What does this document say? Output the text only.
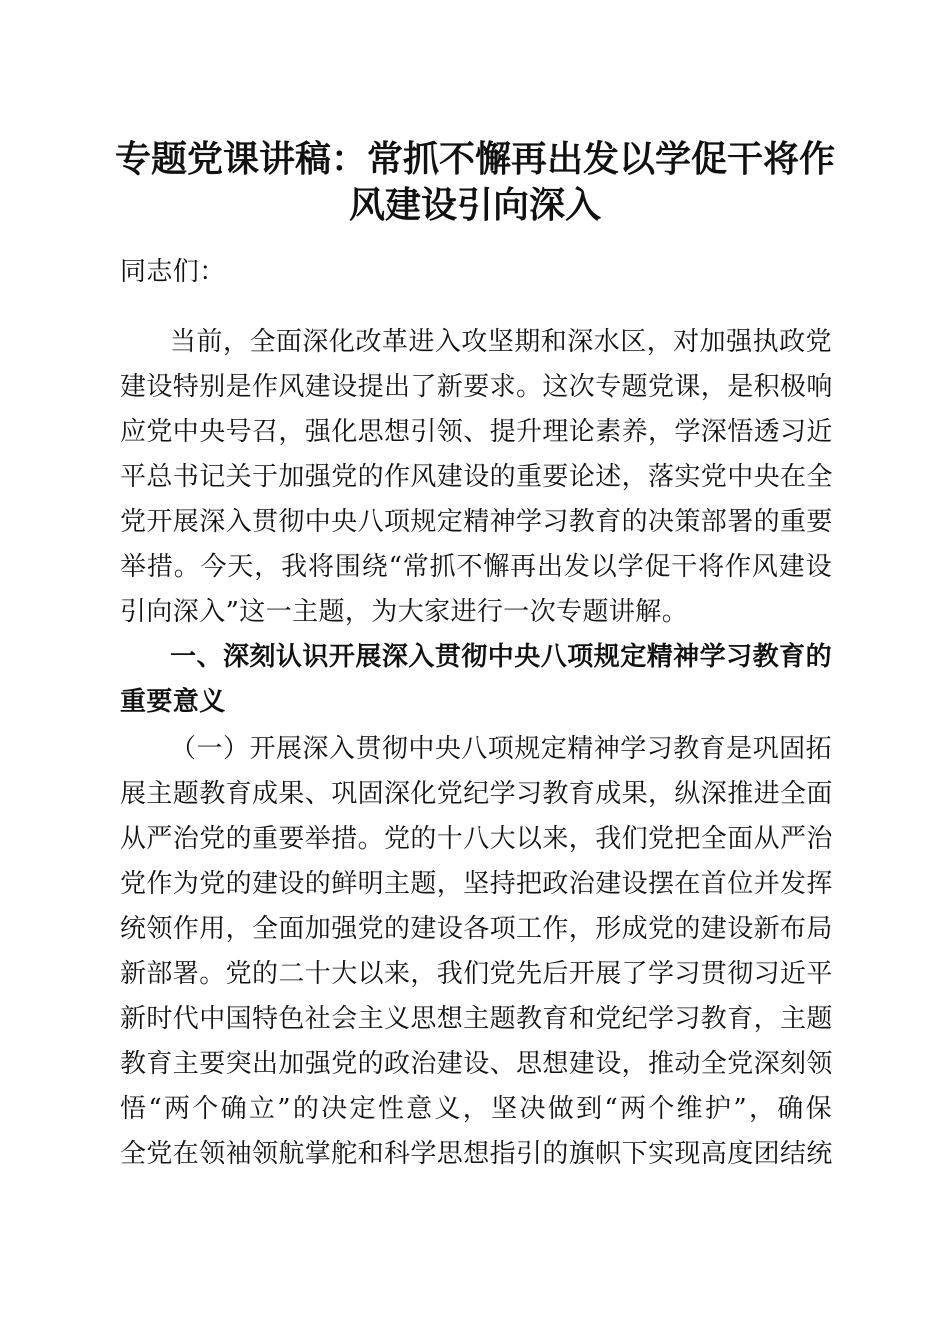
专题党课讲稿：常抓不懈再出发以学促干将作
风建设引向深入

同志们：

当前，全面深化改革进入攻坚期和深水区，对加强执政党

建设特别是作风建设提出了新要求。这次专题党课，是积极响

应党中央号召，强化思想引领、提升理论素养，学深悟透习近

平总书记关于加强党的作风建设的重要论述，落实党中央在全

党开展深入贯彻中央八项规定精神学习教育的决策部署的重要

举措。今天，我将围绕“常抓不懈再出发以学促干将作风建设

引向深入”这一主题，为大家进行一次专题讲解。

一、深刻认识开展深入贯彻中央八项规定精神学习教育的

重要意义

（一）开展深入贯彻中央八项规定精神学习教育是巩固拓

展主题教育成果、巩固深化党纪学习教育成果，纵深推进全面

从严治党的重要举措。党的十八大以来，我们党把全面从严治

党作为党的建设的鲜明主题，坚持把政治建设摆在首位并发挥

统领作用，全面加强党的建设各项工作，形成党的建设新布局

新部署。党的二十大以来，我们党先后开展了学习贯彻习近平

新时代中国特色社会主义思想主题教育和党纪学习教育，主题

教育主要突出加强党的政治建设、思想建设，推动全党深刻领

悟“两个确立”的决定性意义，坚决做到“两个维护”，确保

全党在领袖领航掌舵和科学思想指引的旗帜下实现高度团结统
